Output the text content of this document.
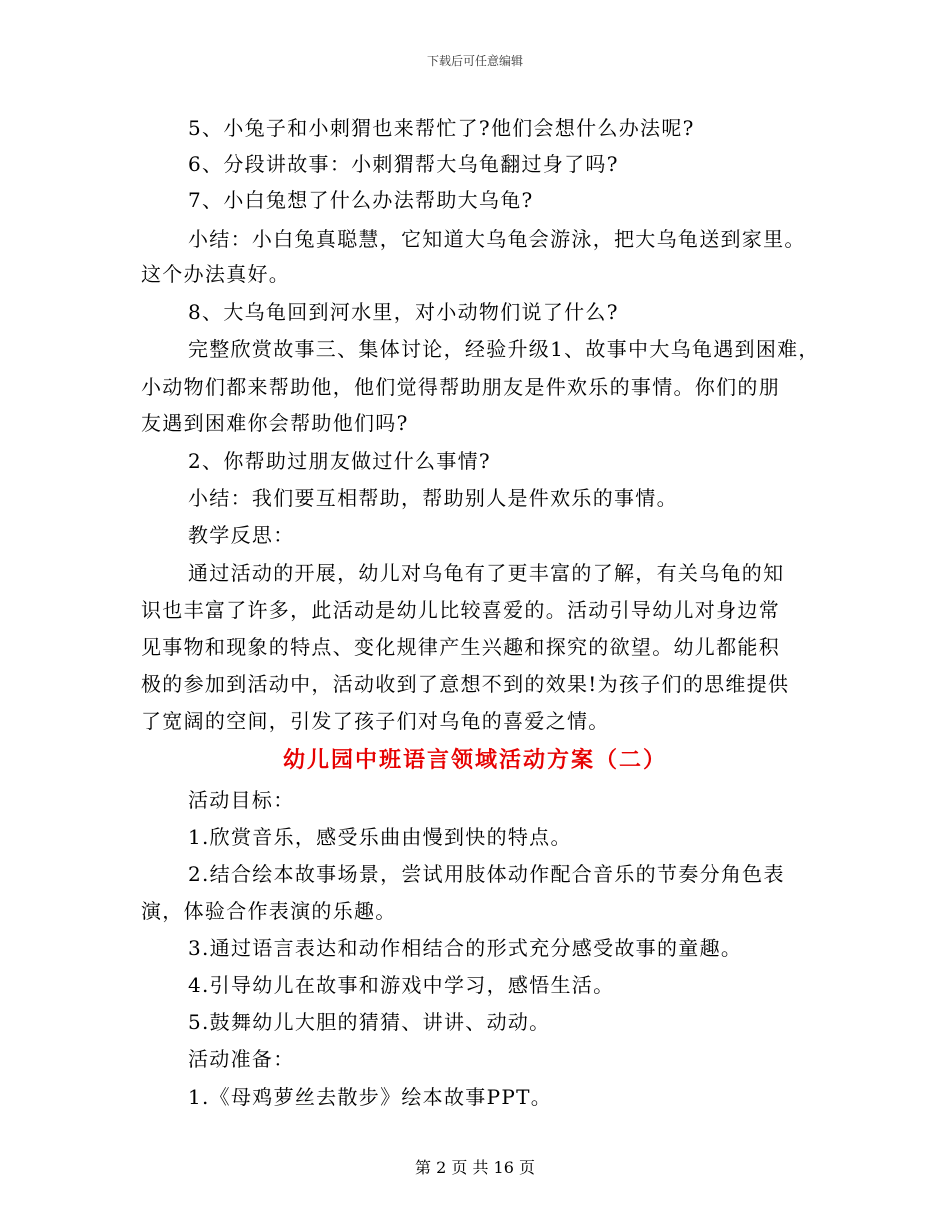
下载后可任意编辑
5、小兔子和小刺猬也来帮忙了?他们会想什么办法呢?
6、分段讲故事：小刺猬帮大乌龟翻过身了吗?
7、小白兔想了什么办法帮助大乌龟?
小结：小白兔真聪慧，它知道大乌龟会游泳，把大乌龟送到家里。
这个办法真好。
8、大乌龟回到河水里，对小动物们说了什么?
完整欣赏故事三、集体讨论，经验升级1、故事中大乌龟遇到困难，
小动物们都来帮助他，他们觉得帮助朋友是件欢乐的事情。你们的朋
友遇到困难你会帮助他们吗?
2、你帮助过朋友做过什么事情?
小结：我们要互相帮助，帮助别人是件欢乐的事情。
教学反思：
通过活动的开展，幼儿对乌龟有了更丰富的了解，有关乌龟的知
识也丰富了许多，此活动是幼儿比较喜爱的。活动引导幼儿对身边常
见事物和现象的特点、变化规律产生兴趣和探究的欲望。幼儿都能积
极的参加到活动中，活动收到了意想不到的效果!为孩子们的思维提供
了宽阔的空间，引发了孩子们对乌龟的喜爱之情。
幼儿园中班语言领域活动方案（二）
活动目标：
1.欣赏音乐，感受乐曲由慢到快的特点。
2.结合绘本故事场景，尝试用肢体动作配合音乐的节奏分角色表
演，体验合作表演的乐趣。
3.通过语言表达和动作相结合的形式充分感受故事的童趣。
4.引导幼儿在故事和游戏中学习，感悟生活。
5.鼓舞幼儿大胆的猜猜、讲讲、动动。
活动准备：
1.《母鸡萝丝去散步》绘本故事PPT。
第 2 页 共 16 页
